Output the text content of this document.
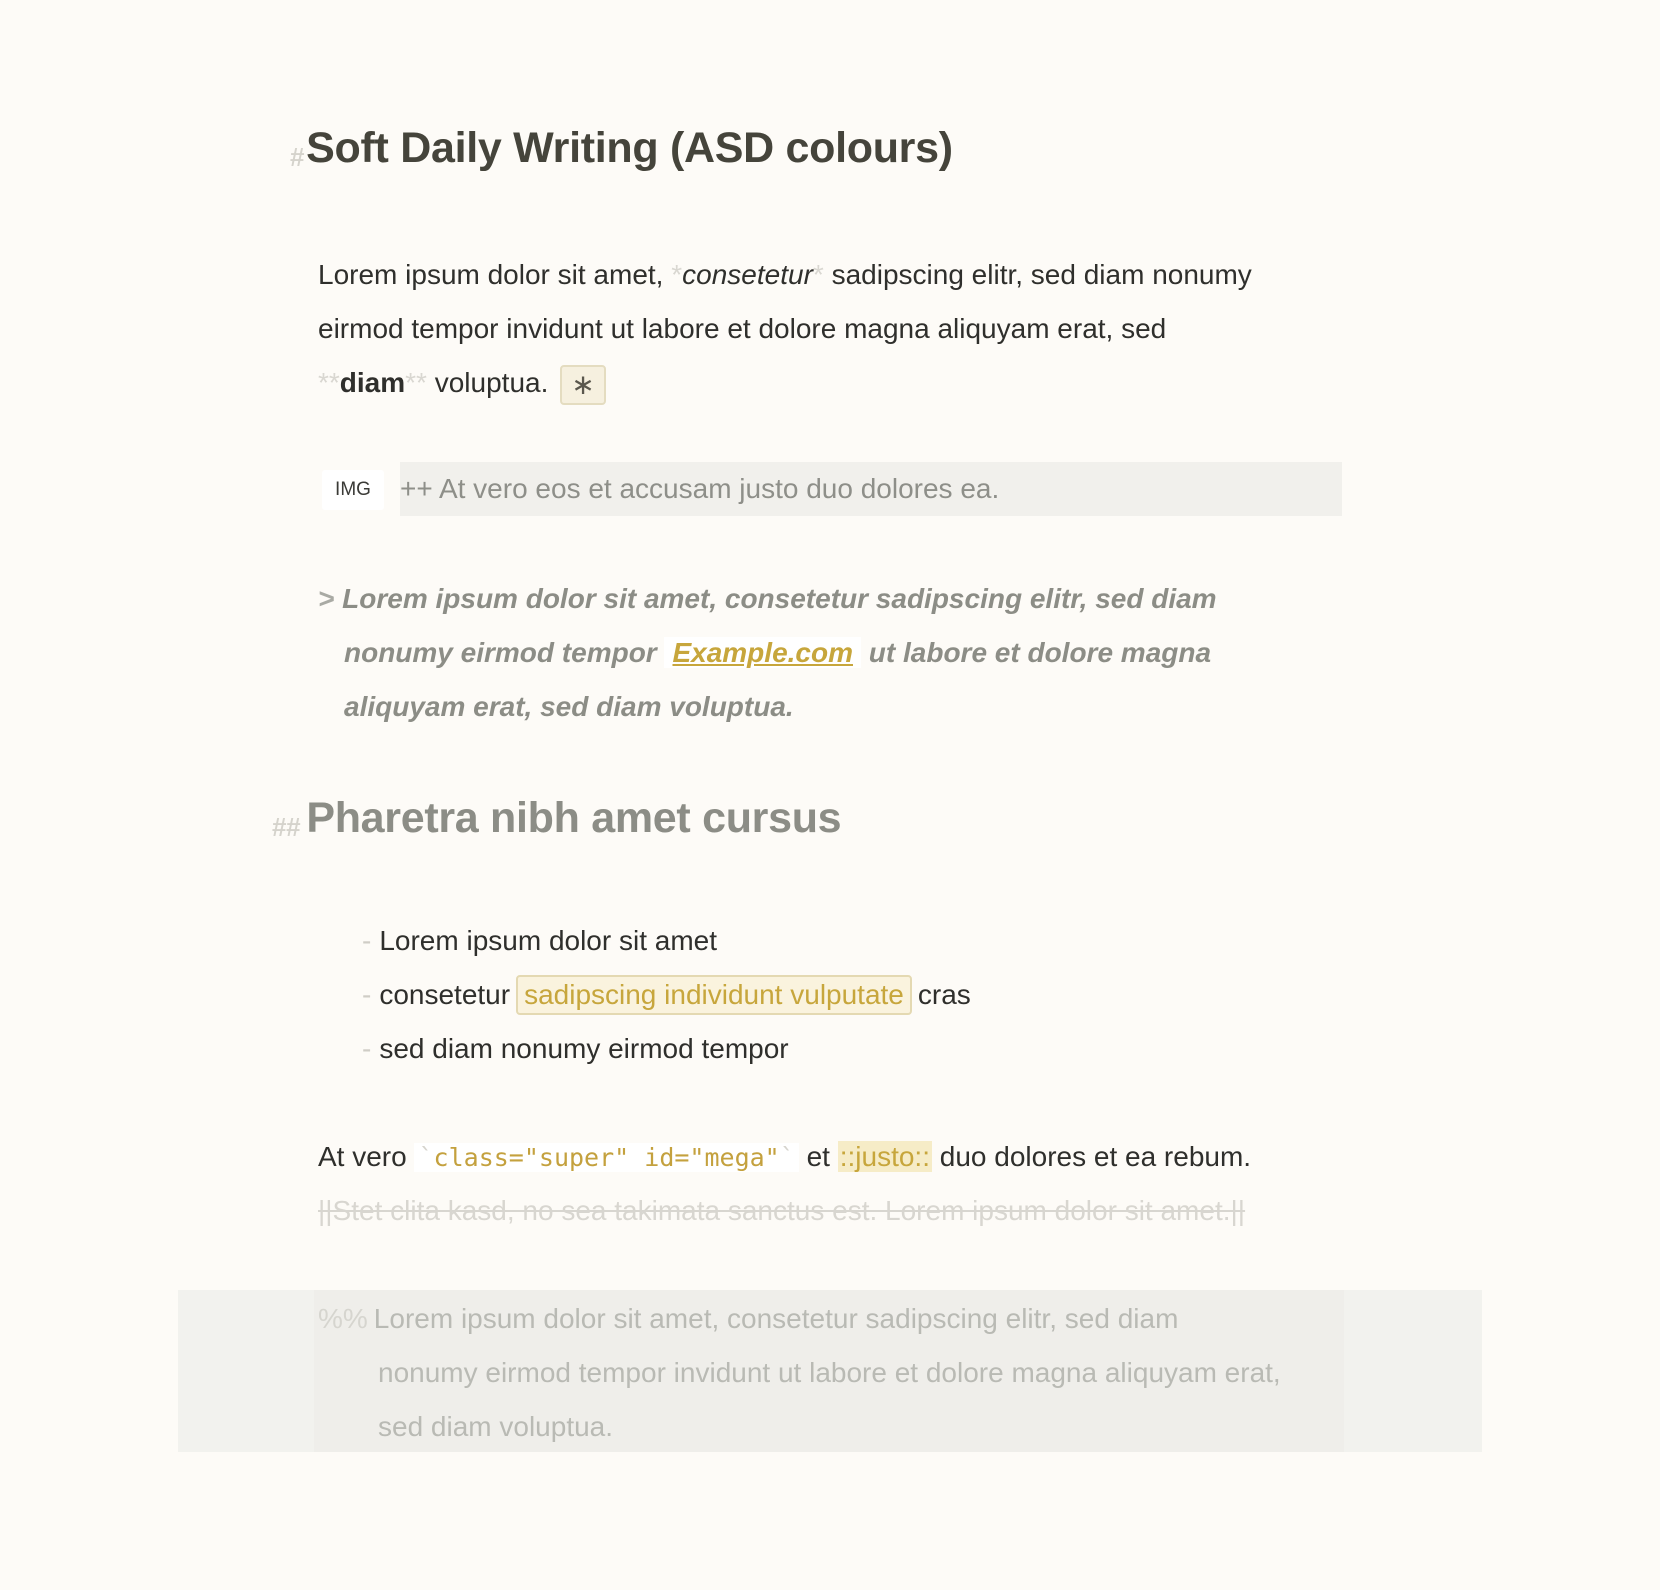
#Soft Daily Writing (ASD colours)
Lorem ipsum dolor sit amet, *consetetur* sadipscing elitr, sed diam nonumy
eirmod tempor invidunt ut labore et dolore magna aliquyam erat, sed
**diam** voluptua. ∗
IMG	++ At vero eos et accusam justo duo dolores ea.
> Lorem ipsum dolor sit amet, consetetur sadipscing elitr, sed diam
nonumy eirmod tempor Example.com ut labore et dolore magna
aliquyam erat, sed diam voluptua.
## Pharetra nibh amet cursus
- Lorem ipsum dolor sit amet
- consetetur sadipscing individunt vulputate cras
- sed diam nonumy eirmod tempor
At vero `class="super" id="mega"` et ::justo:: duo dolores et ea rebum.
||Stet clita kasd, no sea takimata sanctus est. Lorem ipsum dolor sit amet.||
%% Lorem ipsum dolor sit amet, consetetur sadipscing elitr, sed diam
nonumy eirmod tempor invidunt ut labore et dolore magna aliquyam erat,
sed diam voluptua.
